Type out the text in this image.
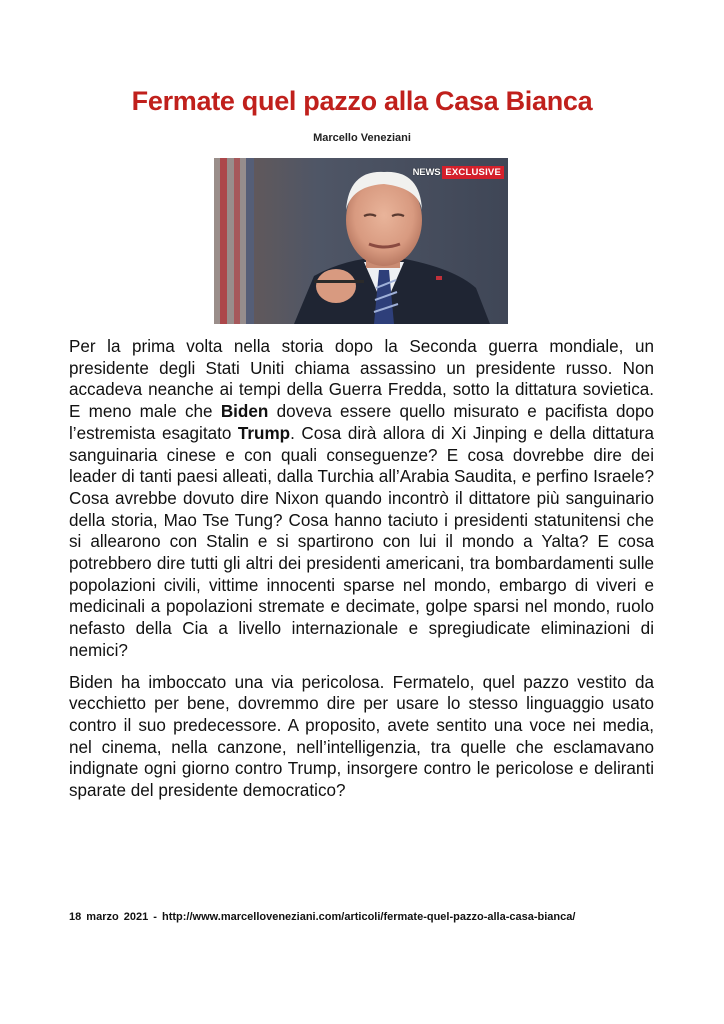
Fermate quel pazzo alla Casa Bianca
Marcello Veneziani
NEWS EXCLUSIVE

Per la prima volta nella storia dopo la Seconda guerra mondiale, un presidente degli Stati Uniti chiama assassino un presidente russo. Non accadeva neanche ai tempi della Guerra Fredda, sotto la dittatura sovietica. E meno male che Biden doveva essere quello misurato e pacifista dopo l’estremista esagitato Trump. Cosa dirà allora di Xi Jinping e della dittatura sanguinaria cinese e con quali conseguenze? E cosa dovrebbe dire dei leader di tanti paesi alleati, dalla Turchia all’Arabia Saudita, e perfino Israele? Cosa avrebbe dovuto dire Nixon quando incontrò il dittatore più sanguinario della storia, Mao Tse Tung? Cosa hanno taciuto i presidenti statunitensi che si allearono con Stalin e si spartirono con lui il mondo a Yalta? E cosa potrebbero dire tutti gli altri dei presidenti americani, tra bombardamenti sulle popolazioni civili, vittime innocenti sparse nel mondo, embargo di viveri e medicinali a popolazioni stremate e decimate, golpe sparsi nel mondo, ruolo nefasto della Cia a livello internazionale e spregiudicate eliminazioni di nemici?

Biden ha imboccato una via pericolosa. Fermatelo, quel pazzo vestito da vecchietto per bene, dovremmo dire per usare lo stesso linguaggio usato contro il suo predecessore. A proposito, avete sentito una voce nei media, nel cinema, nella canzone, nell’intelligenzia, tra quelle che esclamavano indignate ogni giorno contro Trump, insorgere contro le pericolose e deliranti sparate del presidente democratico?

18 marzo 2021 - http://www.marcelloveneziani.com/articoli/fermate-quel-pazzo-alla-casa-bianca/
